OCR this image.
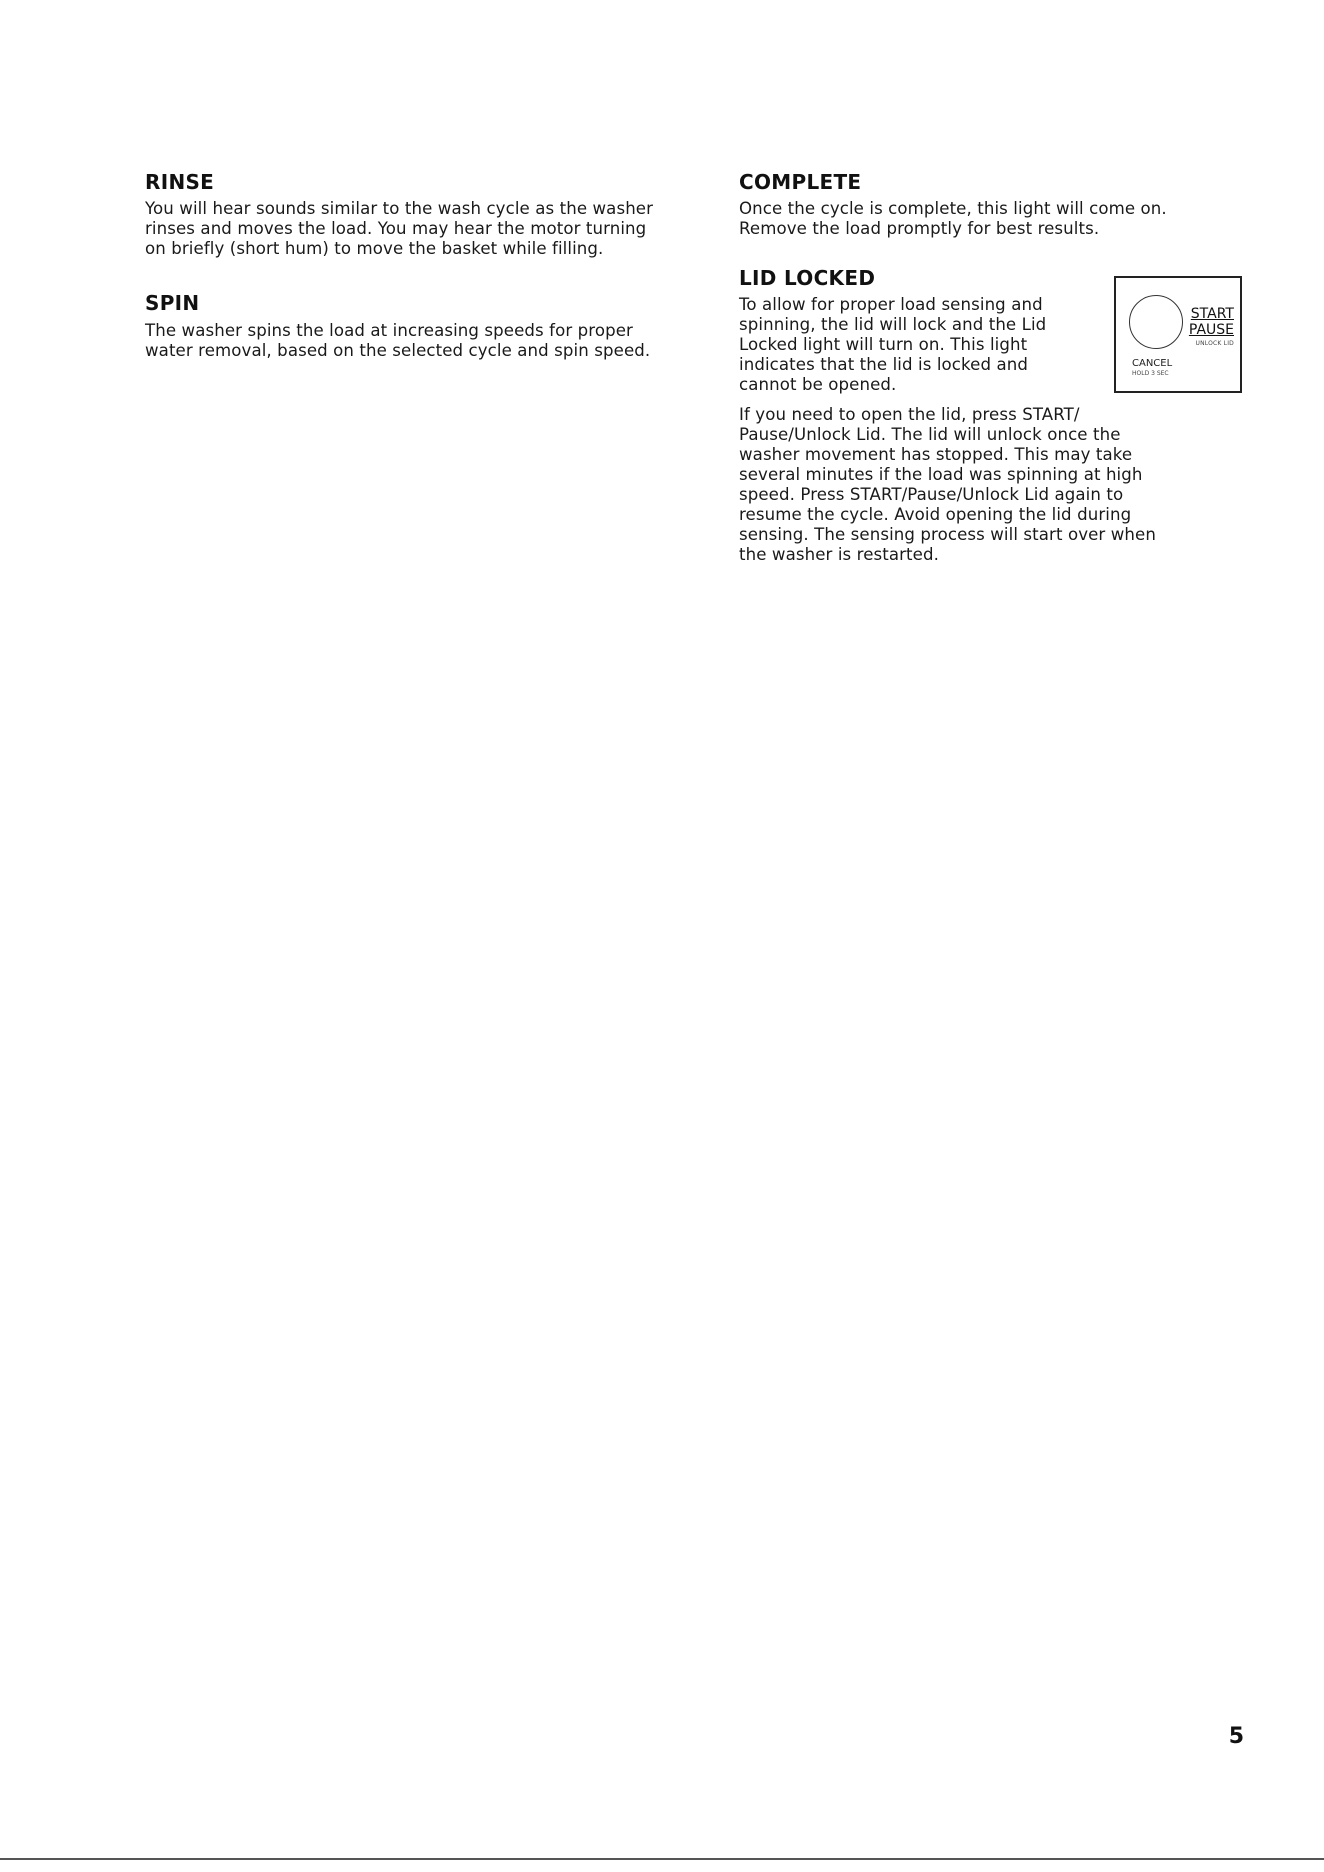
RINSE

You will hear sounds similar to the wash cycle as the washer rinses and moves the load. You may hear the motor turning on briefly (short hum) to move the basket while filling.

SPIN

The washer spins the load at increasing speeds for proper water removal, based on the selected cycle and spin speed.

COMPLETE

Once the cycle is complete, this light will come on. Remove the load promptly for best results.

LID LOCKED

To allow for proper load sensing and spinning, the lid will lock and the Lid Locked light will turn on. This light indicates that the lid is locked and cannot be opened.

If you need to open the lid, press START/ Pause/Unlock Lid. The lid will unlock once the washer movement has stopped. This may take several minutes if the load was spinning at high speed. Press START/Pause/Unlock Lid again to resume the cycle. Avoid opening the lid during sensing. The sensing process will start over when the washer is restarted.

START
PAUSE
UNLOCK LID
CANCEL
HOLD 3 SEC
5
